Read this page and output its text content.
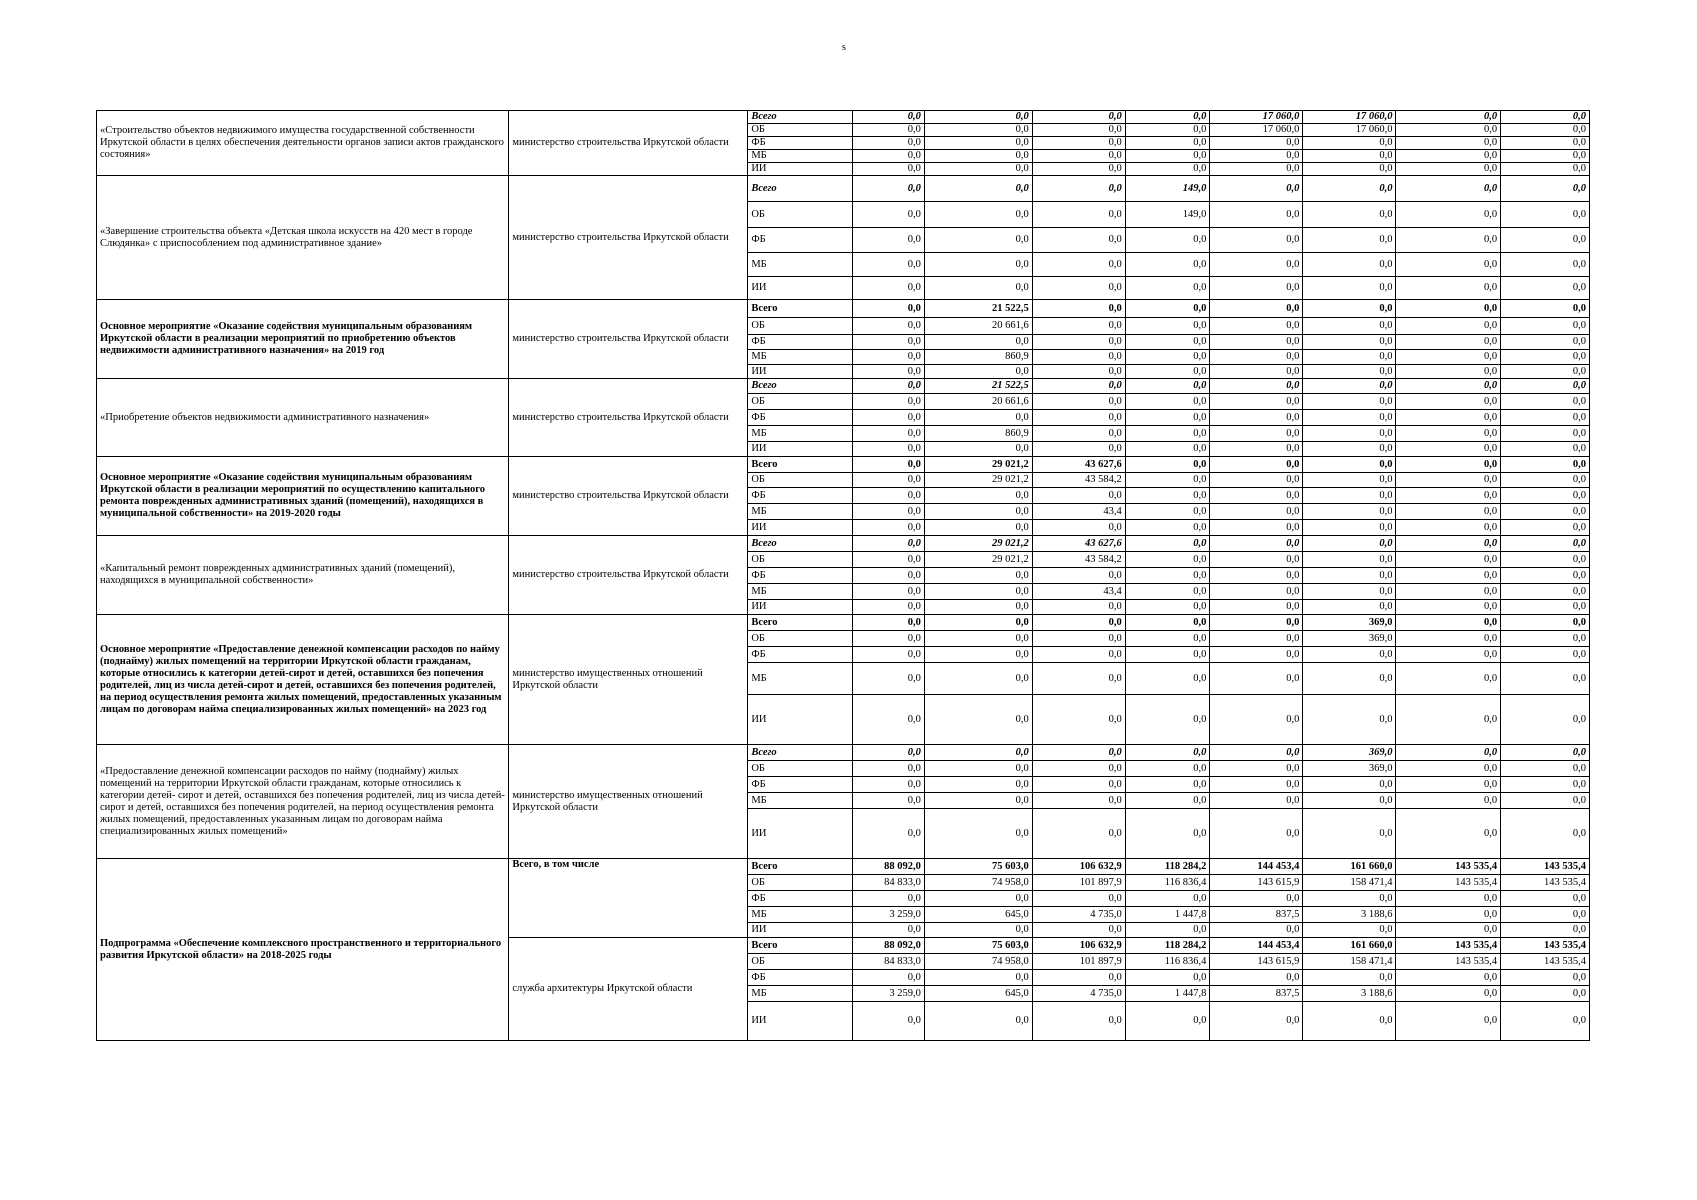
s
«Строительство объектов недвижимого имущества государственной собственности Иркутской области в целях обеспечения деятельности органов записи актов гражданского состояния»	министерство строительства Иркутской области	Всего	0,0	0,0	0,0	0,0	17 060,0	17 060,0	0,0	0,0
		ОБ	0,0	0,0	0,0	0,0	17 060,0	17 060,0	0,0	0,0
		ФБ	0,0	0,0	0,0	0,0	0,0	0,0	0,0	0,0
		МБ	0,0	0,0	0,0	0,0	0,0	0,0	0,0	0,0
		ИИ	0,0	0,0	0,0	0,0	0,0	0,0	0,0	0,0
«Завершение строительства объекта «Детская школа искусств на 420 мест в городе Слюдянка» с приспособлением под административное здание»	министерство строительства Иркутской области	Всего	0,0	0,0	0,0	149,0	0,0	0,0	0,0	0,0
		ОБ	0,0	0,0	0,0	149,0	0,0	0,0	0,0	0,0
		ФБ	0,0	0,0	0,0	0,0	0,0	0,0	0,0	0,0
		МБ	0,0	0,0	0,0	0,0	0,0	0,0	0,0	0,0
		ИИ	0,0	0,0	0,0	0,0	0,0	0,0	0,0	0,0
Основное мероприятие «Оказание содействия муниципальным образованиям Иркутской области в реализации мероприятий по приобретению объектов недвижимости административного назначения» на 2019 год	министерство строительства Иркутской области	Всего	0,0	21 522,5	0,0	0,0	0,0	0,0	0,0	0,0
		ОБ	0,0	20 661,6	0,0	0,0	0,0	0,0	0,0	0,0
		ФБ	0,0	0,0	0,0	0,0	0,0	0,0	0,0	0,0
		МБ	0,0	860,9	0,0	0,0	0,0	0,0	0,0	0,0
		ИИ	0,0	0,0	0,0	0,0	0,0	0,0	0,0	0,0
«Приобретение объектов недвижимости административного назначения»	министерство строительства Иркутской области	Всего	0,0	21 522,5	0,0	0,0	0,0	0,0	0,0	0,0
		ОБ	0,0	20 661,6	0,0	0,0	0,0	0,0	0,0	0,0
		ФБ	0,0	0,0	0,0	0,0	0,0	0,0	0,0	0,0
		МБ	0,0	860,9	0,0	0,0	0,0	0,0	0,0	0,0
		ИИ	0,0	0,0	0,0	0,0	0,0	0,0	0,0	0,0
Основное мероприятие «Оказание содействия муниципальным образованиям Иркутской области в реализации мероприятий по осуществлению капитального ремонта поврежденных административных зданий (помещений), находящихся в муниципальной собственности» на 2019-2020 годы	министерство строительства Иркутской области	Всего	0,0	29 021,2	43 627,6	0,0	0,0	0,0	0,0	0,0
		ОБ	0,0	29 021,2	43 584,2	0,0	0,0	0,0	0,0	0,0
		ФБ	0,0	0,0	0,0	0,0	0,0	0,0	0,0	0,0
		МБ	0,0	0,0	43,4	0,0	0,0	0,0	0,0	0,0
		ИИ	0,0	0,0	0,0	0,0	0,0	0,0	0,0	0,0
«Капитальный ремонт поврежденных административных зданий (помещений), находящихся в муниципальной собственности»	министерство строительства Иркутской области	Всего	0,0	29 021,2	43 627,6	0,0	0,0	0,0	0,0	0,0
		ОБ	0,0	29 021,2	43 584,2	0,0	0,0	0,0	0,0	0,0
		ФБ	0,0	0,0	0,0	0,0	0,0	0,0	0,0	0,0
		МБ	0,0	0,0	43,4	0,0	0,0	0,0	0,0	0,0
		ИИ	0,0	0,0	0,0	0,0	0,0	0,0	0,0	0,0
Основное мероприятие «Предоставление денежной компенсации расходов по найму (поднайму) жилых помещений на территории Иркутской области гражданам, которые относились к категории детей-сирот и детей, оставшихся без попечения родителей, лиц из числа детей-сирот и детей, оставшихся без попечения родителей, на период осуществления ремонта жилых помещений, предоставленных указанным лицам по договорам найма специализированных жилых помещений» на 2023 год	министерство имущественных отношений Иркутской области	Всего	0,0	0,0	0,0	0,0	0,0	369,0	0,0	0,0
		ОБ	0,0	0,0	0,0	0,0	0,0	369,0	0,0	0,0
		ФБ	0,0	0,0	0,0	0,0	0,0	0,0	0,0	0,0
		МБ	0,0	0,0	0,0	0,0	0,0	0,0	0,0	0,0
		ИИ	0,0	0,0	0,0	0,0	0,0	0,0	0,0	0,0
«Предоставление денежной компенсации расходов по найму (поднайму) жилых помещений на территории Иркутской области гражданам, которые относились к категории детей- сирот и детей, оставшихся без попечения родителей, лиц из числа детей-сирот и детей, оставшихся без попечения родителей, на период осуществления ремонта жилых помещений, предоставленных указанным лицам по договорам найма специализированных жилых помещений»	министерство имущественных отношений Иркутской области	Всего	0,0	0,0	0,0	0,0	0,0	369,0	0,0	0,0
		ОБ	0,0	0,0	0,0	0,0	0,0	369,0	0,0	0,0
		ФБ	0,0	0,0	0,0	0,0	0,0	0,0	0,0	0,0
		МБ	0,0	0,0	0,0	0,0	0,0	0,0	0,0	0,0
		ИИ	0,0	0,0	0,0	0,0	0,0	0,0	0,0	0,0
Подпрограмма «Обеспечение комплексного пространственного и территориального развития Иркутской области» на 2018-2025 годы	Всего, в том числе	Всего	88 092,0	75 603,0	106 632,9	118 284,2	144 453,4	161 660,0	143 535,4	143 535,4
		ОБ	84 833,0	74 958,0	101 897,9	116 836,4	143 615,9	158 471,4	143 535,4	143 535,4
		ФБ	0,0	0,0	0,0	0,0	0,0	0,0	0,0	0,0
		МБ	3 259,0	645,0	4 735,0	1 447,8	837,5	3 188,6	0,0	0,0
		ИИ	0,0	0,0	0,0	0,0	0,0	0,0	0,0	0,0
	служба архитектуры Иркутской области	Всего	88 092,0	75 603,0	106 632,9	118 284,2	144 453,4	161 660,0	143 535,4	143 535,4
		ОБ	84 833,0	74 958,0	101 897,9	116 836,4	143 615,9	158 471,4	143 535,4	143 535,4
		ФБ	0,0	0,0	0,0	0,0	0,0	0,0	0,0	0,0
		МБ	3 259,0	645,0	4 735,0	1 447,8	837,5	3 188,6	0,0	0,0
		ИИ	0,0	0,0	0,0	0,0	0,0	0,0	0,0	0,0
